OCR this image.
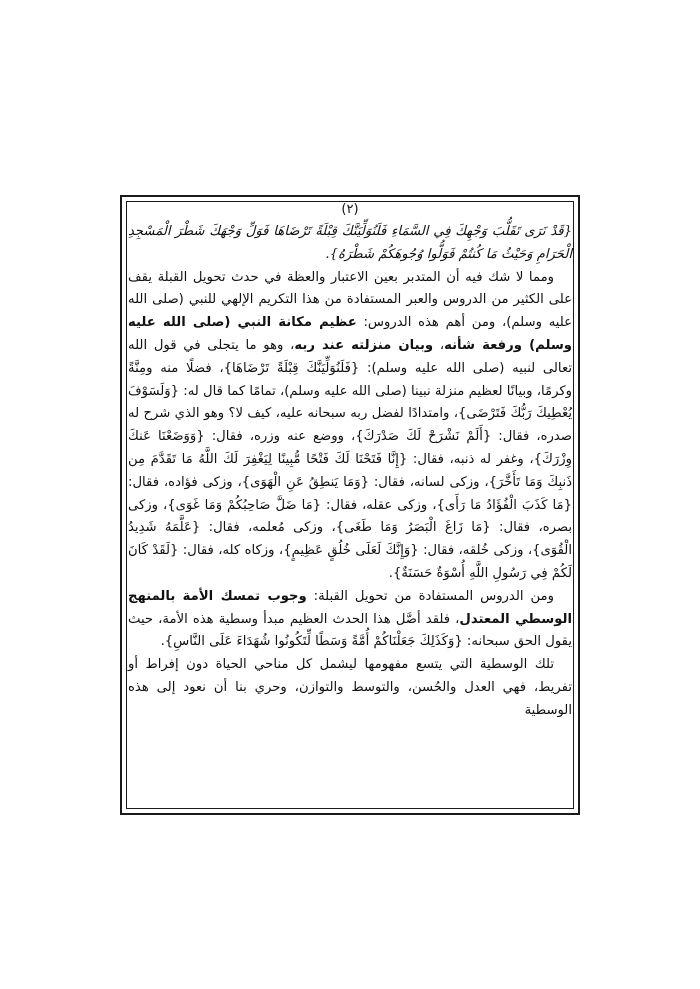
(٢)

{قَدْ نَرَى تَقَلُّبَ وَجْهِكَ فِي السَّمَاءِ فَلَنُوَلِّيَنَّكَ قِبْلَةً تَرْضَاهَا فَوَلِّ وَجْهَكَ شَطْرَ الْمَسْجِدِ الْحَرَامِ وَحَيْثُ مَا كُنتُمْ فَوَلُّوا وُجُوهَكُمْ شَطْرَهُ}.

ومما لا شك فيه أن المتدبر بعين الاعتبار والعظة في حدث تحويل القبلة يقف على الكثير من الدروس والعبر المستفادة من هذا التكريم الإلهي للنبي (صلى الله عليه وسلم)، ومن أهم هذه الدروس: عظيم مكانة النبي (صلى الله عليه وسلم) ورفعة شأنه، وبيان منزلته عند ربه، وهو ما يتجلى في قول الله تعالى لنبيه (صلى الله عليه وسلم): {فَلَنُوَلِّيَنَّكَ قِبْلَةً تَرْضَاهَا}، فضلًا منه ومِنَّةً وكرمًا، وبيانًا لعظيم منزلة نبينا (صلى الله عليه وسلم)، تمامًا كما قال له: {وَلَسَوْفَ يُعْطِيكَ رَبُّكَ فَتَرْضَى}، وامتدادًا لفضل ربه سبحانه عليه، كيف لا؟ وهو الذي شرح له صدره، فقال: {أَلَمْ نَشْرَحْ لَكَ صَدْرَكَ}، ووضع عنه وزره، فقال: {وَوَضَعْنَا عَنكَ وِزْرَكَ}، وغفر له ذنبه، فقال: {إِنَّا فَتَحْنَا لَكَ فَتْحًا مُّبِينًا لِيَغْفِرَ لَكَ اللَّهُ مَا تَقَدَّمَ مِن ذَنبِكَ وَمَا تَأَخَّرَ}، وزكى لسانه، فقال: {وَمَا يَنطِقُ عَنِ الْهَوَى}، وزكى فؤاده، فقال: {مَا كَذَبَ الْفُؤَادُ مَا رَأَى}، وزكى عقله، فقال: {مَا ضَلَّ صَاحِبُكُمْ وَمَا غَوَى}، وزكى بصره، فقال: {مَا زَاغَ الْبَصَرُ وَمَا طَغَى}، وزكى مُعلمه، فقال: {عَلَّمَهُ شَدِيدُ الْقُوَى}، وزكى خُلقه، فقال: {وَإِنَّكَ لَعَلَى خُلُقٍ عَظِيمٍ}، وزكاه كله، فقال: {لَقَدْ كَانَ لَكُمْ فِي رَسُولِ اللَّهِ أُسْوَةٌ حَسَنَةٌ}.

ومن الدروس المستفادة من تحويل القبلة: وجوب تمسك الأمة بالمنهج الوسطي المعتدل، فلقد أصَّل هذا الحدث العظيم مبدأ وسطية هذه الأمة، حيث يقول الحق سبحانه: {وَكَذَلِكَ جَعَلْنَاكُمْ أُمَّةً وَسَطًا لِّتَكُونُوا شُهَدَاءَ عَلَى النَّاسِ}.

تلك الوسطية التي يتسع مفهومها ليشمل كل مناحي الحياة دون إفراط أو تفريط، فهي العدل والحُسن، والتوسط والتوازن، وحري بنا أن نعود إلى هذه الوسطية
